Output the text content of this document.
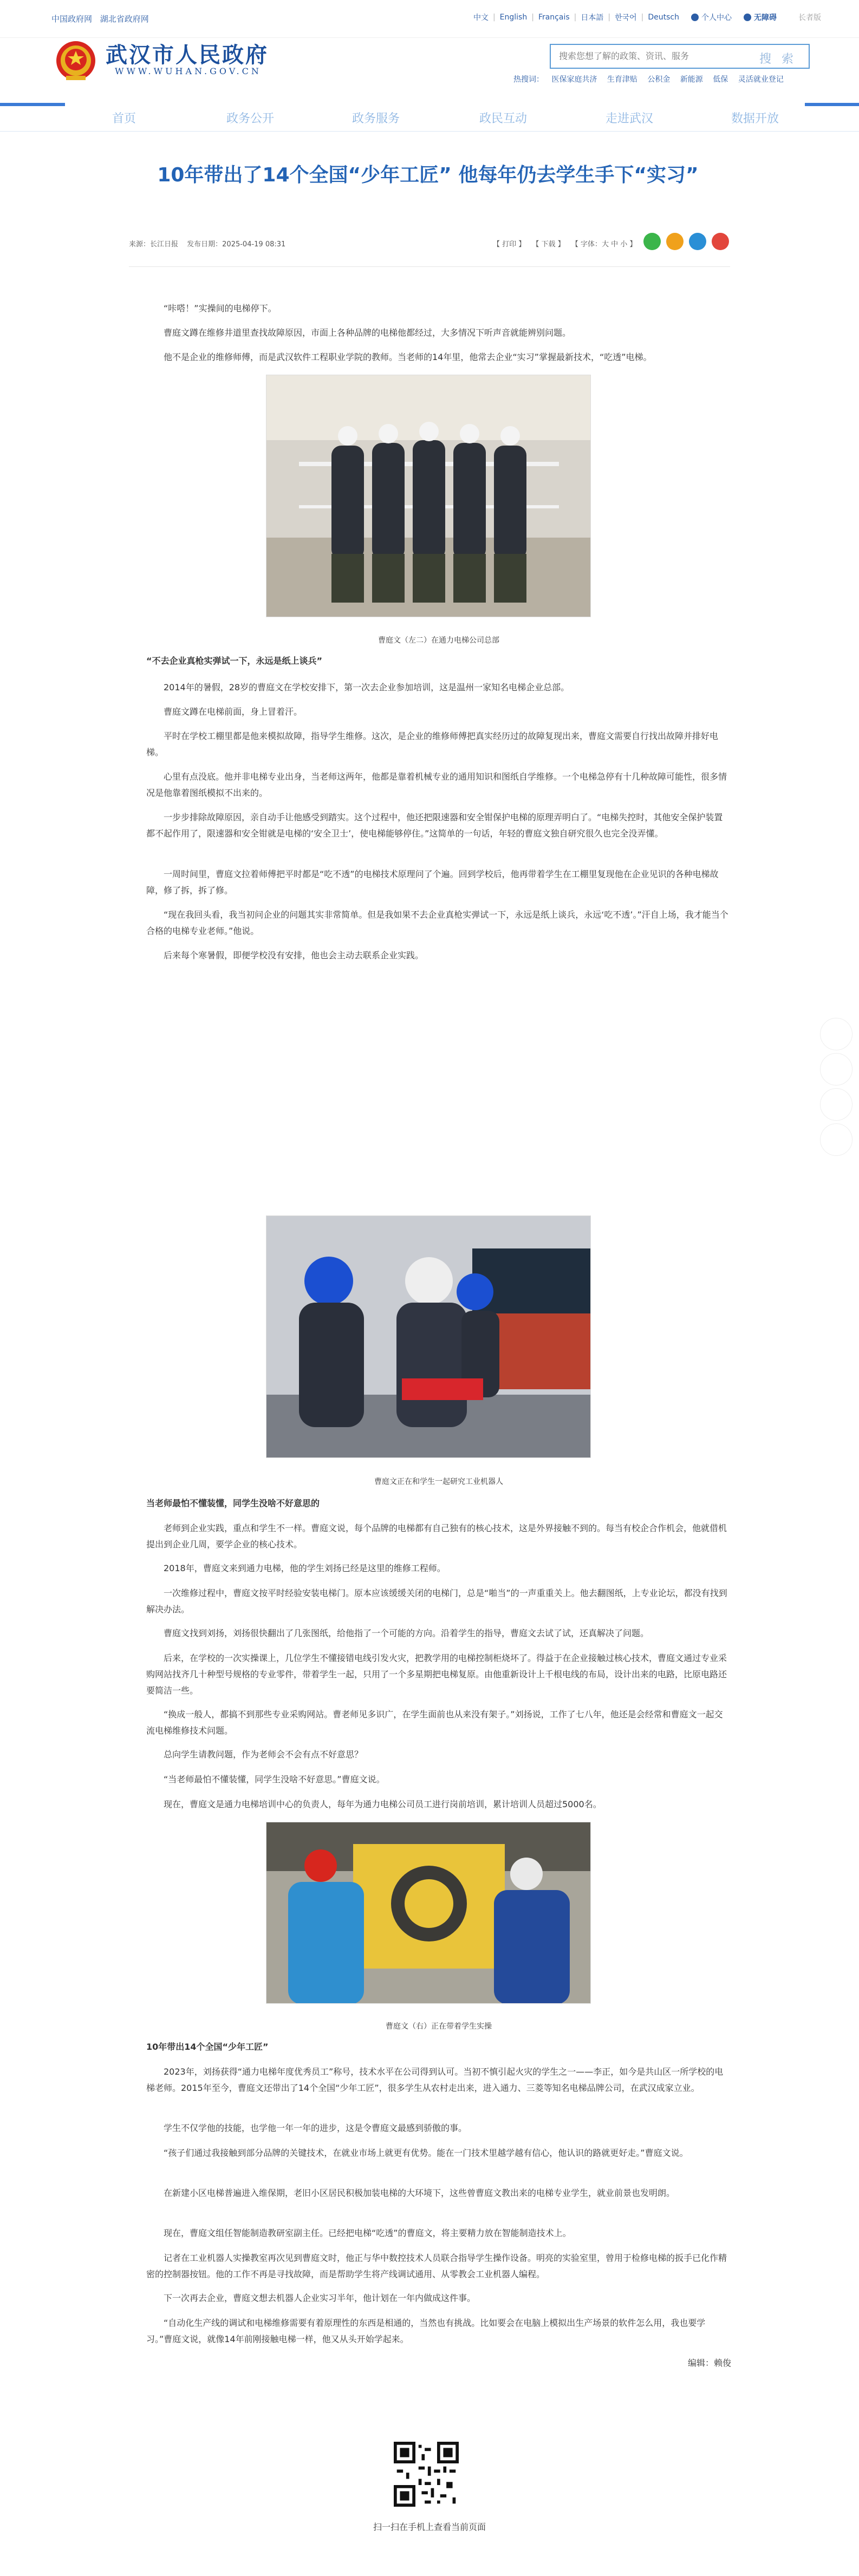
中国政府网 湖北省政府网	中文 | English | Français | 日本語 | 한국어 | Deutsch	个人中心	无障碍	长者版
武汉市人民政府
WWW.WUHAN.GOV.CN
搜索您想了解的政策、资讯、服务
搜 索
热搜词： 医保家庭共济 生育津贴 公积金 新能源 低保 灵活就业登记
首页	政务公开	政务服务	政民互动	走进武汉	数据开放
10年带出了14个全国“少年工匠” 他每年仍去学生手下“实习”
来源：长江日报 发布日期：2025-04-19 08:31	【 打印 】 【 下载 】 【 字体：大 中 小 】

“咔嗒！”实操间的电梯停下。

曹庭文蹲在维修井道里查找故障原因，市面上各种品牌的电梯他都经过，大多情况下听声音就能辨别问题。

他不是企业的维修师傅，而是武汉软件工程职业学院的教师。当老师的14年里，他常去企业“实习”掌握最新技术，“吃透”电梯。

曹庭文（左二）在通力电梯公司总部

“不去企业真枪实弹试一下，永远是纸上谈兵”

2014年的暑假，28岁的曹庭文在学校安排下，第一次去企业参加培训，这是温州一家知名电梯企业总部。

曹庭文蹲在电梯前面，身上冒着汗。

平时在学校工棚里都是他来模拟故障，指导学生维修。这次，是企业的维修师傅把真实经历过的故障复现出来，曹庭文需要自行找出故障并排好电梯。

心里有点没底。他并非电梯专业出身，当老师这两年，他都是靠着机械专业的通用知识和图纸自学维修。一个电梯急停有十几种故障可能性，很多情况是他靠着图纸模拟不出来的。

一步步排除故障原因，亲自动手让他感受到踏实。这个过程中，他还把限速器和安全钳保护电梯的原理弄明白了。“电梯失控时，其他安全保护装置都不起作用了，限速器和安全钳就是电梯的‘安全卫士’，使电梯能够停住。”这简单的一句话，年轻的曹庭文独自研究很久也完全没弄懂。

一周时间里，曹庭文拉着师傅把平时都是“吃不透”的电梯技术原理问了个遍。回到学校后，他再带着学生在工棚里复现他在企业见识的各种电梯故障，修了拆，拆了修。

“现在我回头看，我当初问企业的问题其实非常简单。但是我如果不去企业真枪实弹试一下，永远是纸上谈兵，永远‘吃不透’。”汗自上场，我才能当个合格的电梯专业老师。”他说。

后来每个寒暑假，即便学校没有安排，他也会主动去联系企业实践。

曹庭文正在和学生一起研究工业机器人

当老师最怕不懂装懂，同学生没啥不好意思的

老师到企业实践，重点和学生不一样。曹庭文说，每个品牌的电梯都有自己独有的核心技术，这是外界接触不到的。每当有校企合作机会，他就借机提出到企业几周，要学企业的核心技术。

2018年，曹庭文来到通力电梯，他的学生刘扬已经是这里的维修工程师。

一次维修过程中，曹庭文按平时经验安装电梯门。原本应该缓缓关闭的电梯门，总是“啪当”的一声重重关上。他去翻图纸，上专业论坛，都没有找到解决办法。

曹庭文找到刘扬，刘扬很快翻出了几张图纸，给他指了一个可能的方向。沿着学生的指导，曹庭文去试了试，还真解决了问题。

后来，在学校的一次实操课上，几位学生不懂接错电线引发火灾，把教学用的电梯控制柜烧坏了。得益于在企业接触过核心技术，曹庭文通过专业采购网站找齐几十种型号规格的专业零件，带着学生一起，只用了一个多星期把电梯复原。由他重新设计上千根电线的布局，设计出来的电路，比原电路还要简洁一些。

“换成一般人，都搞不到那些专业采购网站。曹老师见多识广，在学生面前也从来没有架子。”刘扬说，工作了七八年，他还是会经常和曹庭文一起交流电梯维修技术问题。

总向学生请教问题，作为老师会不会有点不好意思？

“当老师最怕不懂装懂，同学生没啥不好意思。”曹庭文说。

现在，曹庭文是通力电梯培训中心的负责人，每年为通力电梯公司员工进行岗前培训，累计培训人员超过5000名。

曹庭文（右）正在带着学生实操

10年带出14个全国“少年工匠”

2023年，刘扬获得“通力电梯年度优秀员工”称号，技术水平在公司得到认可。当初不慎引起火灾的学生之一——李正，如今是共山区一所学校的电梯老师。2015年至今，曹庭文还带出了14个全国“少年工匠”，很多学生从农村走出来，进入通力、三菱等知名电梯品牌公司，在武汉成家立业。

学生不仅学他的技能，也学他一年一年的进步，这是令曹庭文最感到骄傲的事。

“孩子们通过我接触到部分品牌的关键技术，在就业市场上就更有优势。能在一门技术里越学越有信心，他认识的路就更好走。”曹庭文说。

在新建小区电梯普遍进入维保期，老旧小区居民积极加装电梯的大环境下，这些曾曹庭文教出来的电梯专业学生，就业前景也发明朗。

现在，曹庭文组任智能制造教研室副主任。已经把电梯“吃透”的曹庭文，将主要精力放在智能制造技术上。

记者在工业机器人实操教室再次见到曹庭文时，他正与华中数控技术人员联合指导学生操作设备。明亮的实验室里，曾用于检修电梯的扳手已化作精密的控制器按钮。他的工作不再是寻找故障，而是帮助学生将产线调试通用、从零教会工业机器人编程。

下一次再去企业，曹庭文想去机器人企业实习半年，他计划在一年内做成这件事。

“自动化生产线的调试和电梯维修需要有着原理性的东西是相通的，当然也有挑战。比如要会在电脑上模拟出生产场景的软件怎么用，我也要学习。”曹庭文说，就像14年前刚接触电梯一样，他又从头开始学起来。

编辑：赖俊
扫一扫在手机上查看当前页面
